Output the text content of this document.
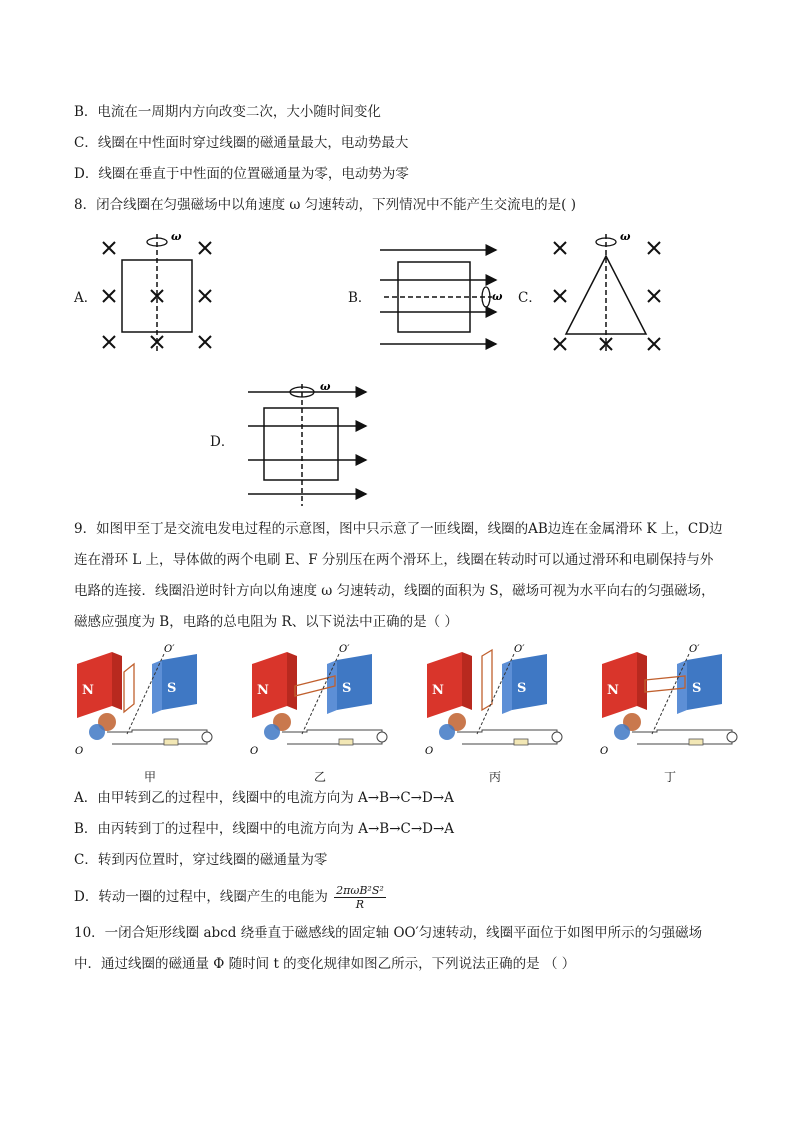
B．电流在一周期内方向改变二次，大小随时间变化
C．线圈在中性面时穿过线圈的磁通量最大，电动势最大
D．线圈在垂直于中性面的位置磁通量为零，电动势为零
8．闭合线圈在匀强磁场中以角速度 ω 匀速转动，下列情况中不能产生交流电的是( )
A．
ω
B．	ω C．
ω
D．
ω
9．如图甲至丁是交流电发电过程的示意图，图中只示意了一匝线圈，线圈的AB边连在金属滑环 K 上，CD边连在滑环 L 上，导体做的两个电刷 E、F 分别压在两个滑环上，线圈在转动时可以通过滑环和电刷保持与外电路的连接．线圈沿逆时针方向以角速度 ω 匀速转动，线圈的面积为 S，磁场可视为水平向右的匀强磁场，磁感应强度为 B，电路的总电阻为 R、以下说法中正确的是（ ）
N	S
O′
O
甲
N	S
O′
O
乙
N	S
O′
O
丙
N	S
O′
O
丁
A．由甲转到乙的过程中，线圈中的电流方向为 A→B→C→D→A
B．由丙转到丁的过程中，线圈中的电流方向为 A→B→C→D→A
C．转到丙位置时，穿过线圈的磁通量为零
D．转动一圈的过程中，线圈产生的电能为 $\frac{\text{2πωB²S²}}{R}$
10．一闭合矩形线圈 abcd 绕垂直于磁感线的固定轴 OO′匀速转动，线圈平面位于如图甲所示的匀强磁场中．通过线圈的磁通量 Φ 随时间 t 的变化规律如图乙所示，下列说法正确的是 （ ）
